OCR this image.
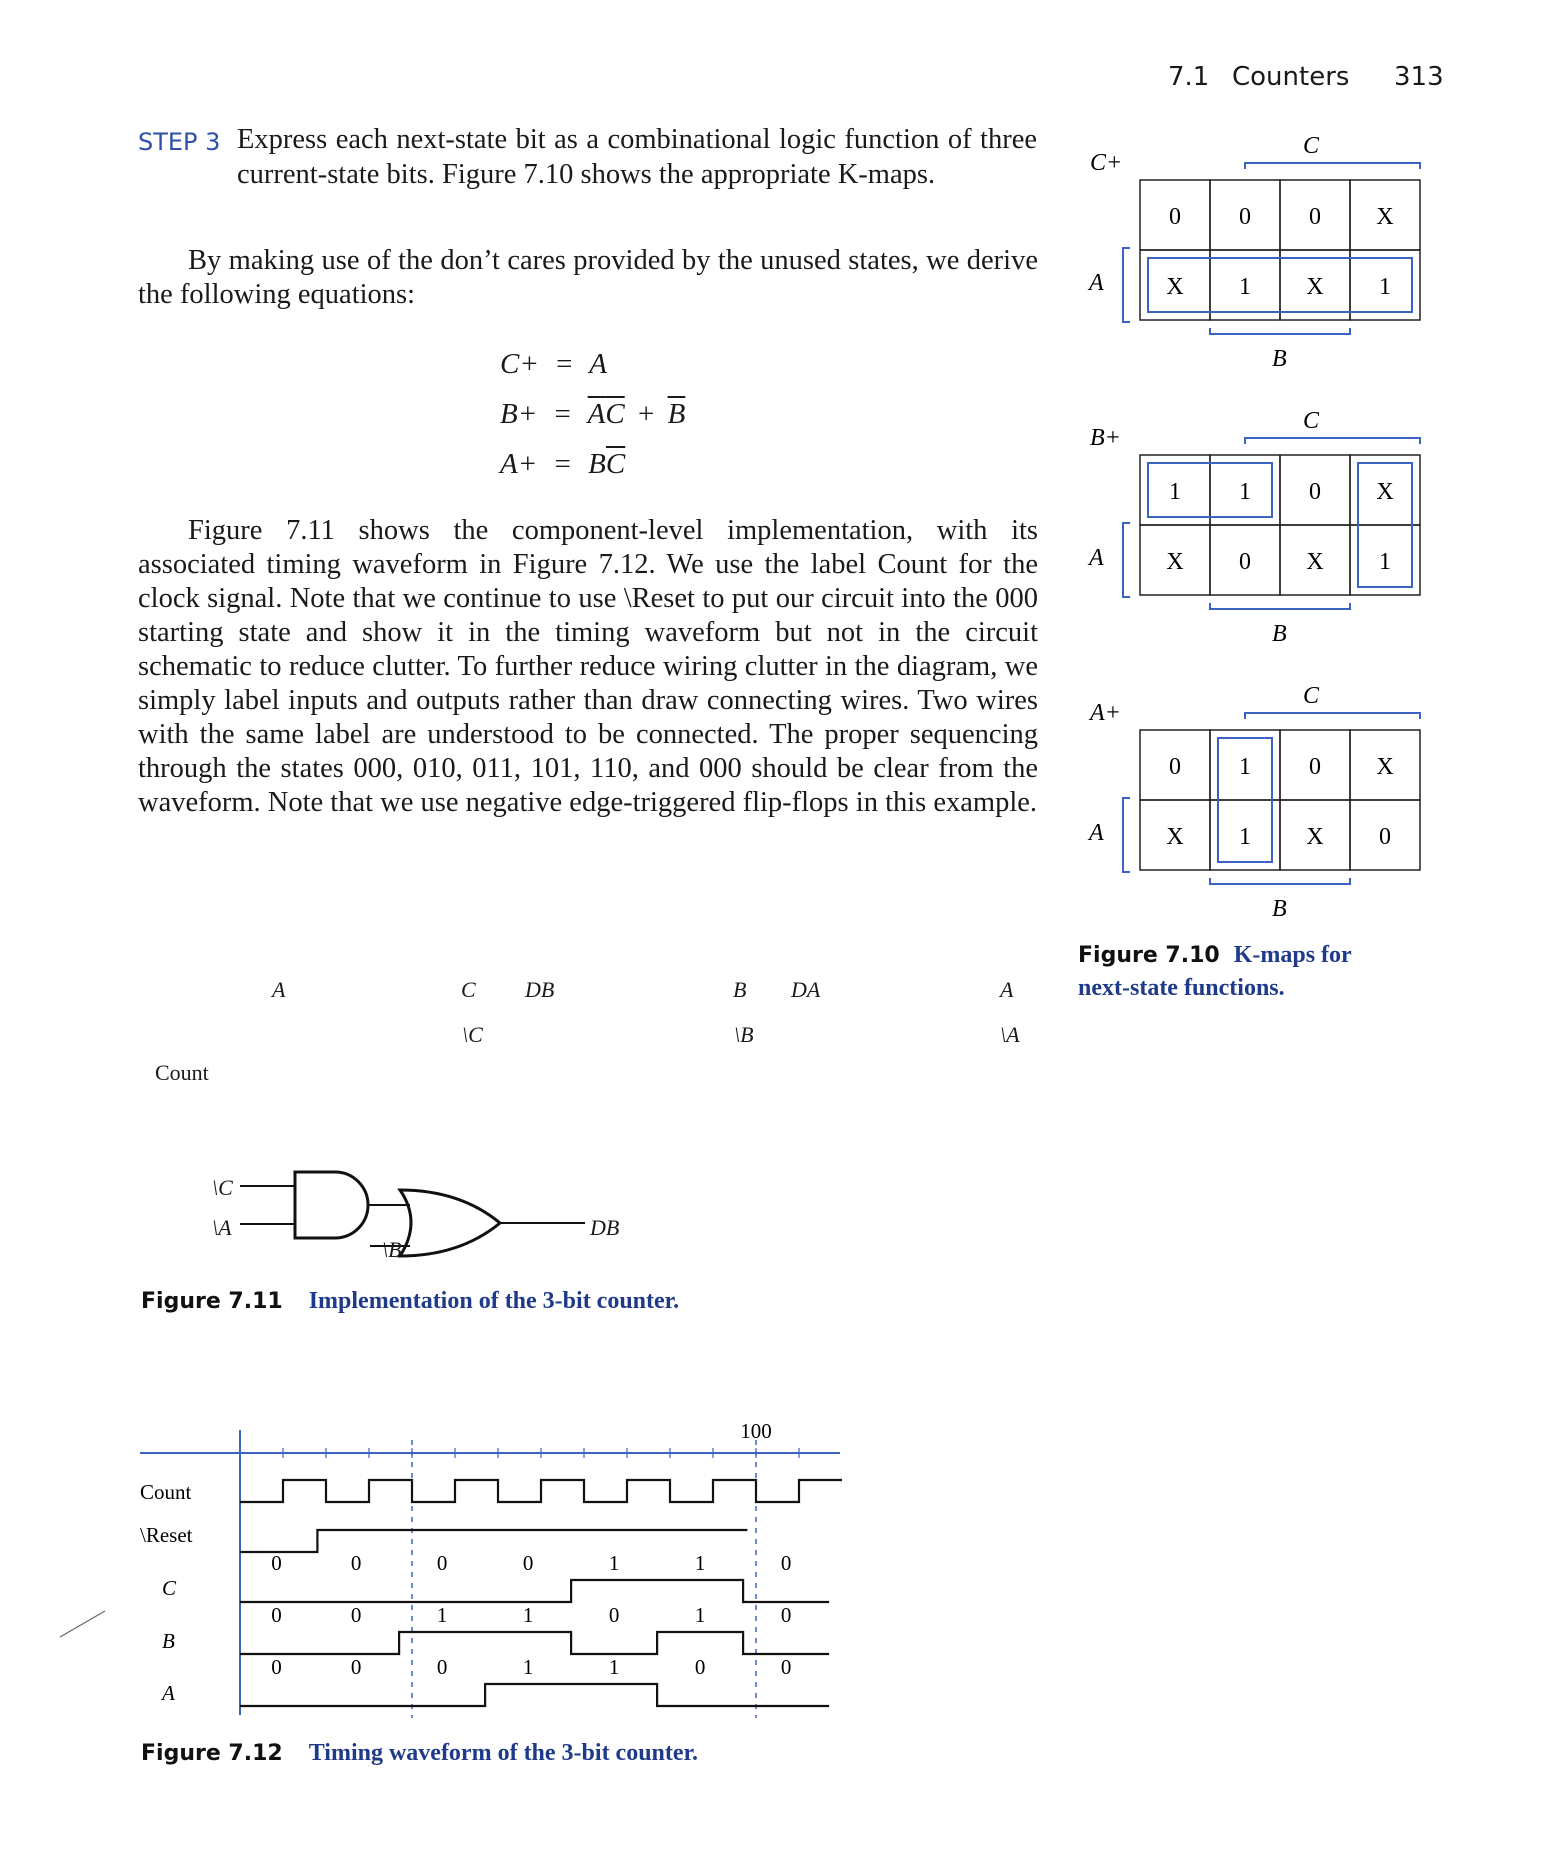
7.1 Counters 313
STEP 3 Express each next-state bit as a combinational logic function of three current-state bits. Figure 7.10 shows the appropriate K-maps.
By making use of the don’t cares provided by the unused states, we derive the following equations:
C+ = A
$B+ = \overline{A}\overline{C} + \overline{B}$
$A+ = B\overline{C}$
Figure 7.11 shows the component-level implementation, with its associated timing waveform in Figure 7.12. We use the label Count for the clock signal. Note that we continue to use \Reset to put our circuit into the 000 starting state and show it in the timing waveform but not in the circuit schematic to reduce clutter. To further reduce wiring clutter in the diagram, we simply label inputs and outputs rather than draw connecting wires. Two wires with the same label are understood to be connected. The proper sequencing through the states 000, 010, 011, 101, 110, and 000 should be clear from the waveform. Note that we use negative edge-triggered flip-flops in this example.
C+
C
A
B
0 0 0 X
X 1 X 1
B+
C
A
B
1 1 0 X
X 0 X 1
A+
C
A
B
0 1 0 X
X 1 X 0
Figure 7.10 K-maps for next-state functions.
A	C DB	B DA	A
\C	\B	\A
Count
\C
\A
\B
DB
Figure 7.11 Implementation of the 3-bit counter.
100
Count
\Reset
C
B
A
0	0	0	0	1	1	0
0	0	1	1	0	1	0
0	0	0	1	1	0	0
Figure 7.12 Timing waveform of the 3-bit counter.
